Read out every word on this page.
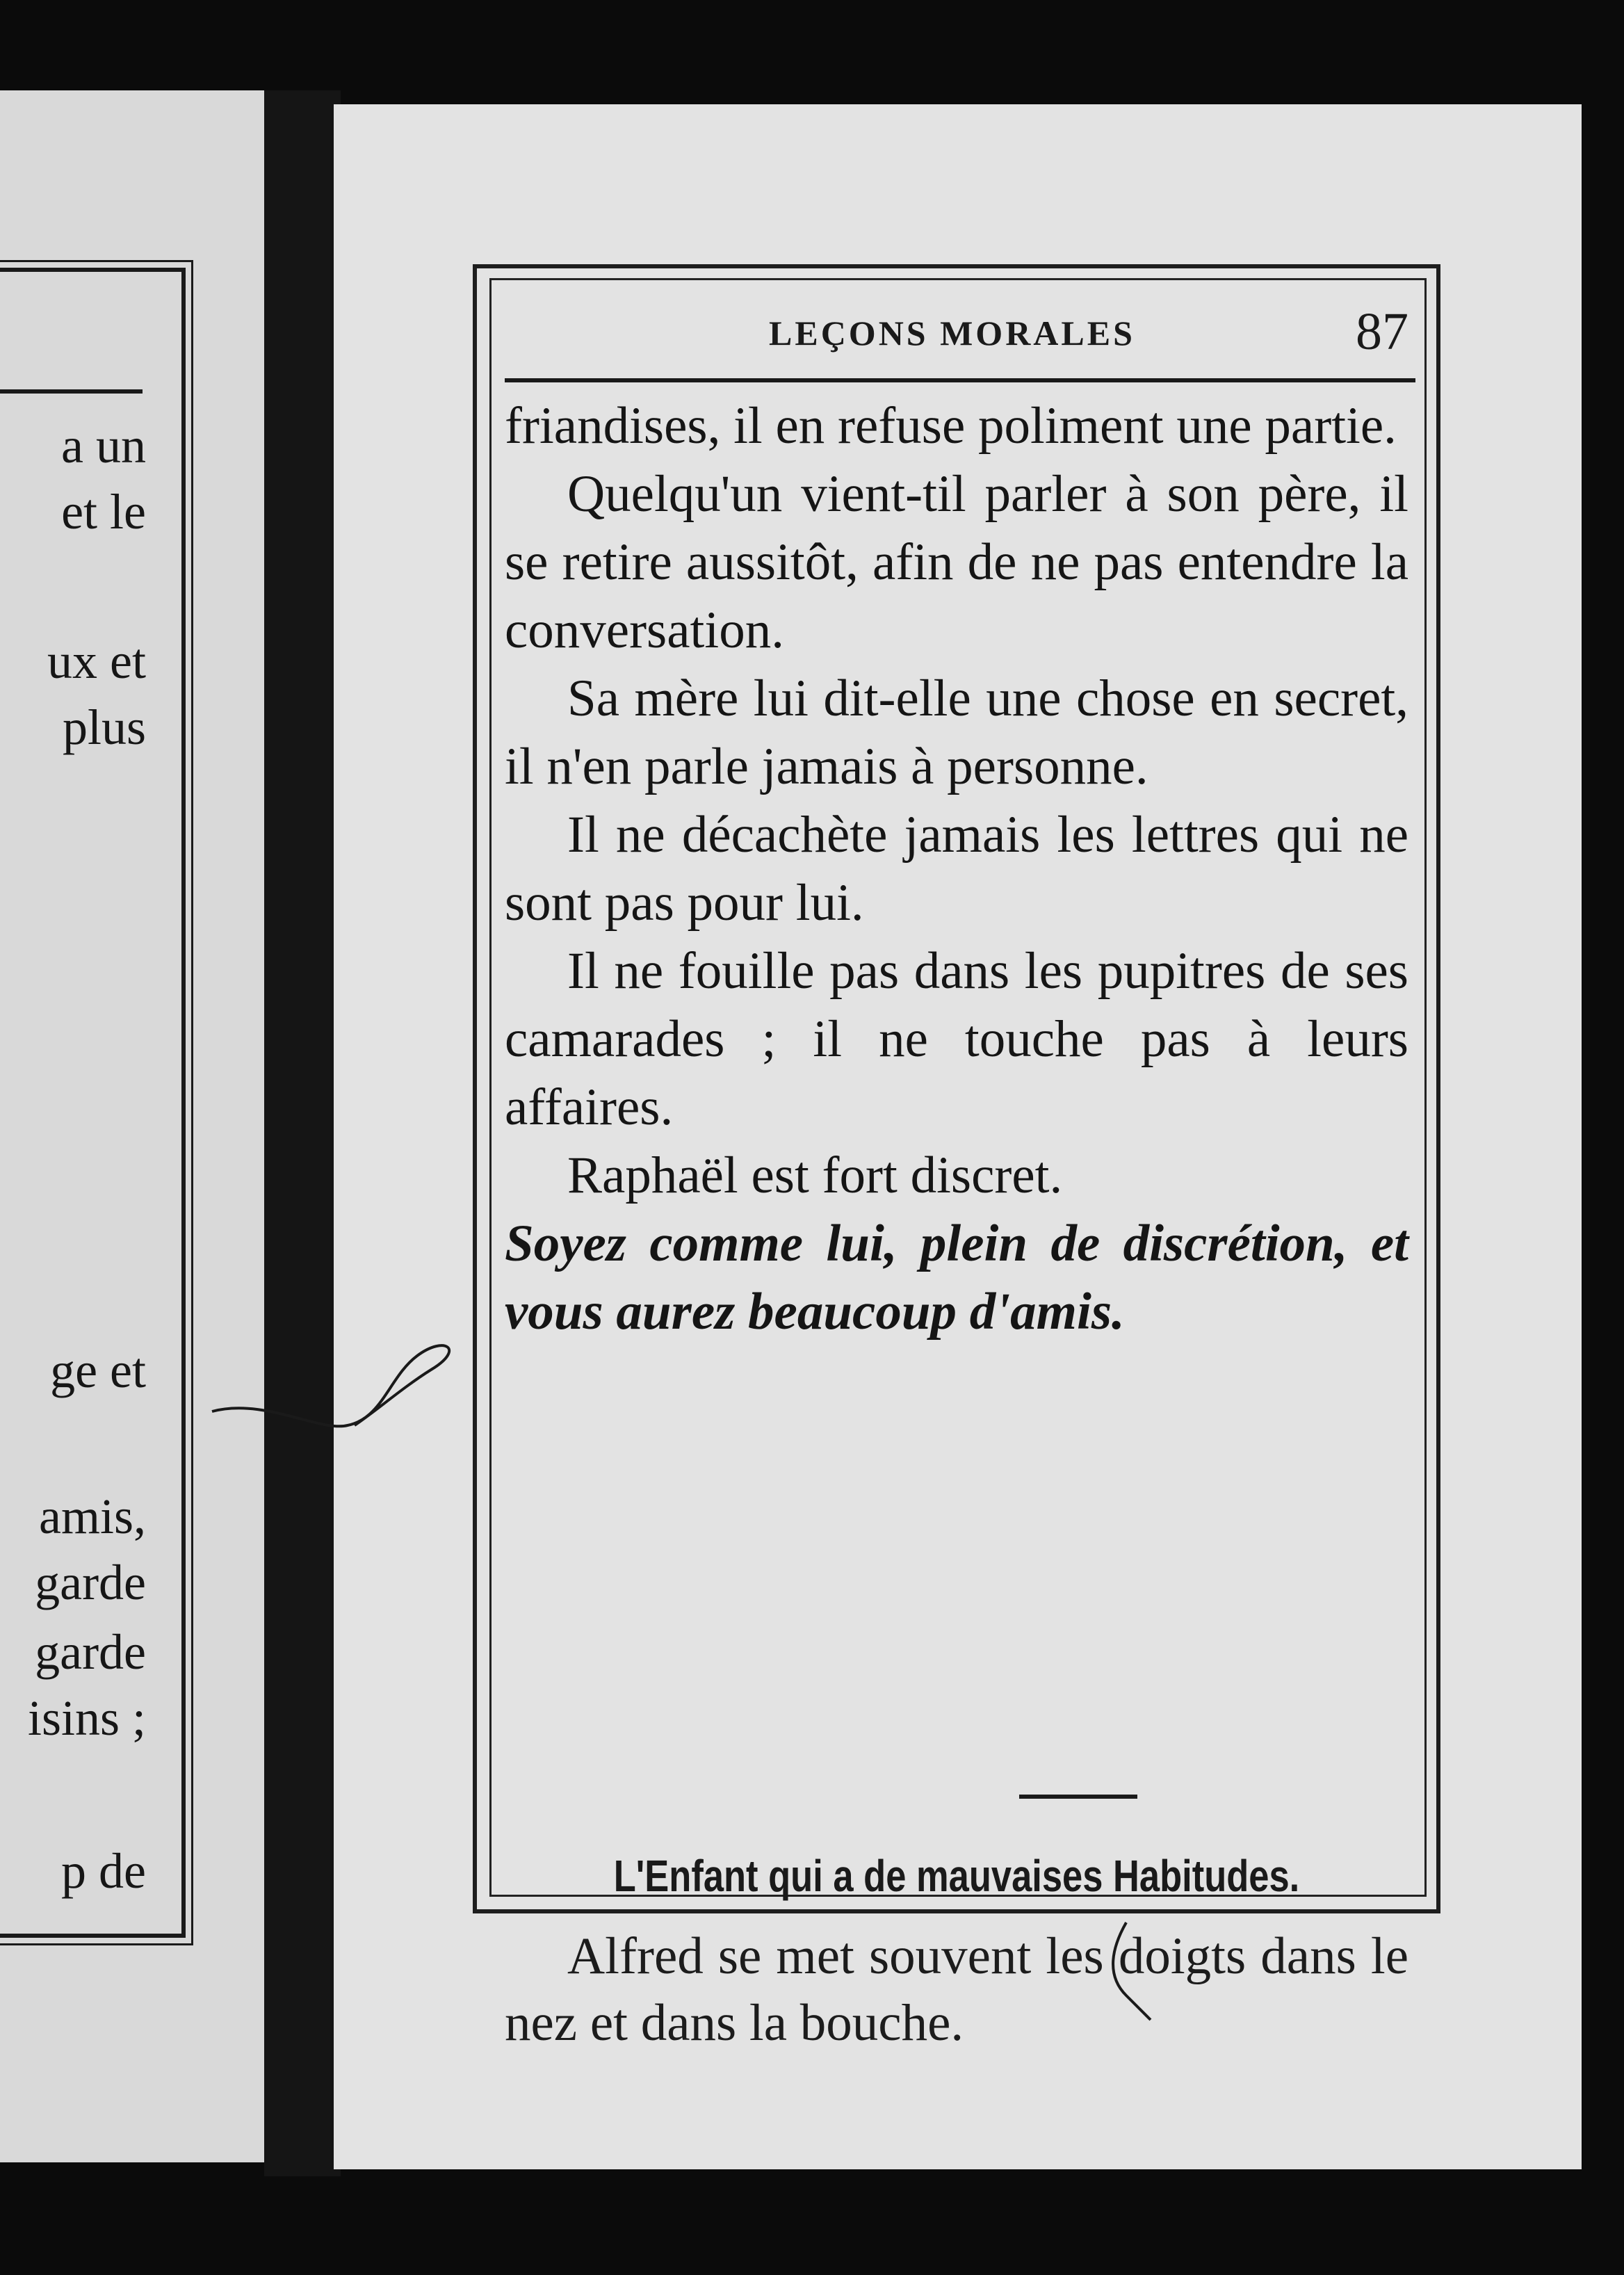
a un
et le
ux et
plus
ge et
amis,
garde
garde
isins ;
p de
LEÇONS MORALES	87

friandises, il en refuse poliment une partie.

Quelqu'un vient-til parler à son père, il se retire aussitôt, afin de ne pas entendre la conversation.

Sa mère lui dit-elle une chose en secret, il n'en parle jamais à personne.

Il ne décachète jamais les lettres qui ne sont pas pour lui.

Il ne fouille pas dans les pupitres de ses camarades ; il ne touche pas à leurs affaires.

Raphaël est fort discret.

Soyez comme lui, plein de discrétion, et vous aurez beaucoup d'amis.

L'Enfant qui a de mauvaises Habitudes.

Alfred se met souvent les doigts dans le nez et dans la bouche.
